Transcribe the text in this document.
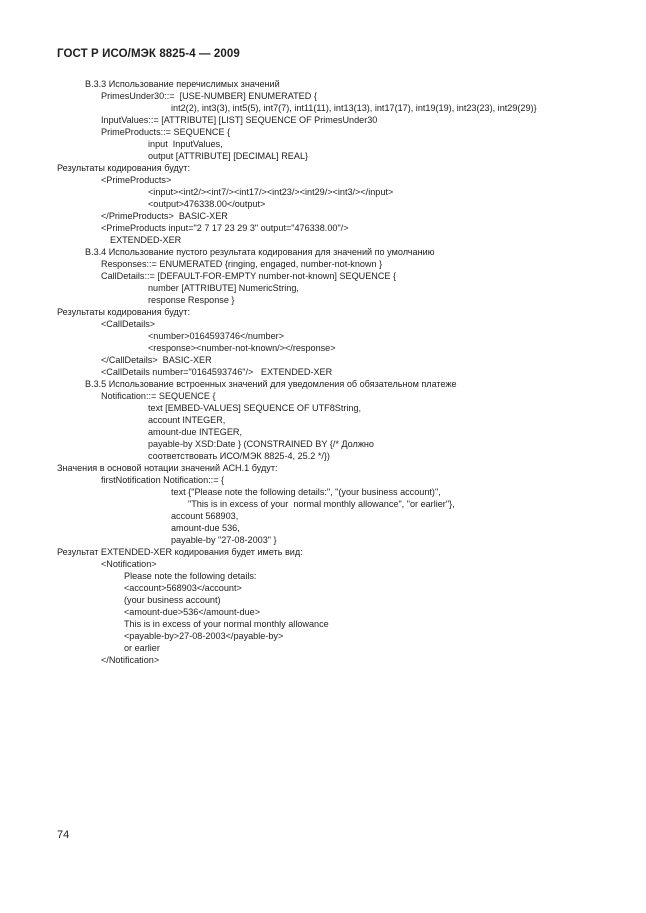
ГОСТ Р ИСО/МЭК 8825-4 — 2009
B.3.3 Использование перечислимых значений
PrimesUnder30::=  [USE-NUMBER] ENUMERATED {
int2(2), int3(3), int5(5), int7(7), int11(11), int13(13), int17(17), int19(19), int23(23), int29(29)}
InputValues::= [ATTRIBUTE] [LIST] SEQUENCE OF PrimesUnder30
PrimeProducts::= SEQUENCE {
input  InputValues,
output [ATTRIBUTE] [DECIMAL] REAL}
Результаты кодирования будут:
<PrimeProducts>
<input><int2/><int7/><int17/><int23/><int29/><int3/></input>
<output>476338.00</output>
</PrimeProducts>  BASIC-XER
<PrimeProducts input="2 7 17 23 29 3" output="476338.00"/>
EXTENDED-XER
B.3.4 Использование пустого результата кодирования для значений по умолчанию
Responses::= ENUMERATED {ringing, engaged, number-not-known }
CallDetails::= [DEFAULT-FOR-EMPTY number-not-known] SEQUENCE {
number [ATTRIBUTE] NumericString,
response Response }
Результаты кодирования будут:
<CallDetails>
<number>0164593746</number>
<response><number-not-known/></response>
</CallDetails>  BASIC-XER
<CallDetails number="0164593746"/>   EXTENDED-XER
B.3.5 Использование встроенных значений для уведомления об обязательном платеже
Notification::= SEQUENCE {
text [EMBED-VALUES] SEQUENCE OF UTF8String,
account INTEGER,
amount-due INTEGER,
payable-by XSD:Date } (CONSTRAINED BY {/* Должно
соответствовать ИСО/МЭК 8825-4, 25.2 */})
Значения в основой нотации значений АСН.1 будут:
firstNotification Notification::= {
text {"Please note the following details:", "(your business account)",
"This is in excess of your  normal monthly allowance", "or earlier"},
account 568903,
amount-due 536,
payable-by "27-08-2003" }
Результат EXTENDED-XER кодирования будет иметь вид:
<Notification>
Please note the following details:
<account>568903</account>
(your business account)
<amount-due>536</amount-due>
This is in excess of your normal monthly allowance
<payable-by>27-08-2003</payable-by>
or earlier
</Notification>
74
